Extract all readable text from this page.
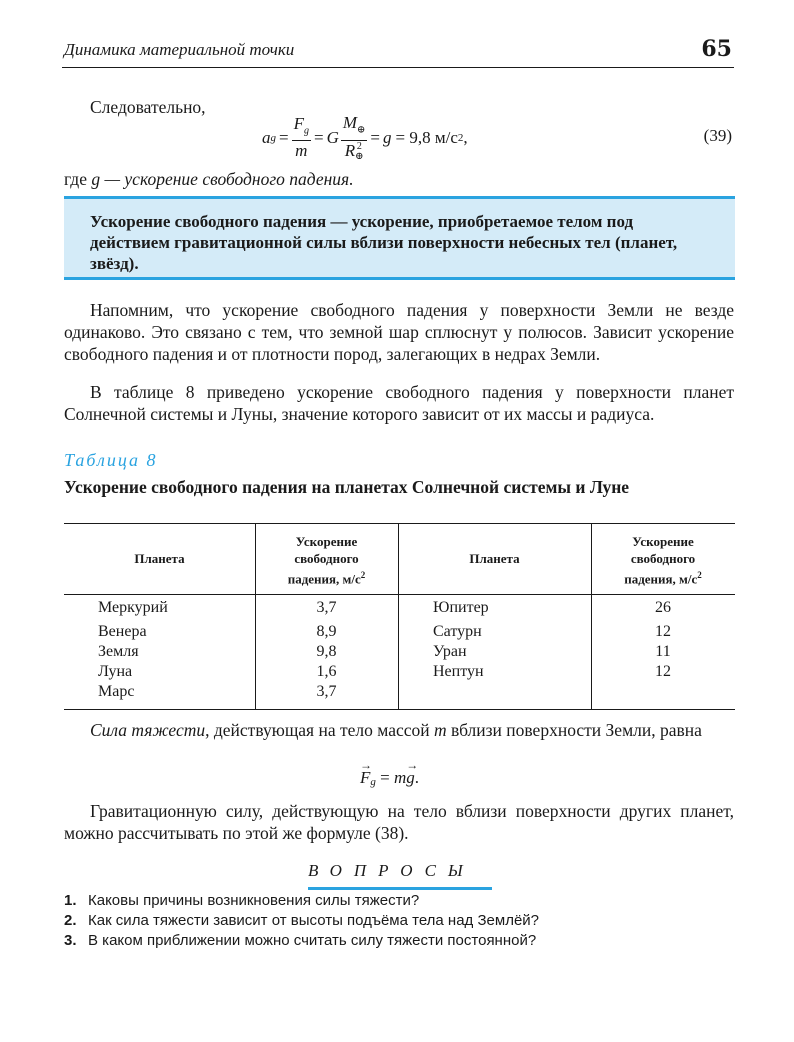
Динамика материальной точки	65
Следовательно,
a $g = \frac{F_g}{m} = G$ $M_\oplus$
R 2
⊕ = g = 9,8 м/с 2 ,	(39)
где g — ускорение свободного падения.
Ускорение свободного падения — ускорение, приобретаемое телом под действием гравитационной силы вблизи поверхности небесных тел (планет, звёзд).
Напомним, что ускорение свободного падения у поверхности Земли не везде одинаково. Это связано с тем, что земной шар сплюснут у полюсов. Зависит ускорение свободного падения и от плотности пород, залегающих в недрах Земли.
В таблице 8 приведено ускорение свободного падения у поверхности планет Солнечной системы и Луны, значение которого зависит от их массы и радиуса.
Таблица 8
Ускорение свободного падения на планетах Солнечной системы и Луне
Планета
Ускорение
свободного
падения, $м/с^2$
Планета
Ускорение
свободного
падения, $м/с^2$
Меркурий
Венера
Земля
Луна
Марс
3,7
8,9
9,8
1,6
3,7
Юпитер
Сатурн
Уран
Нептун
26
12
11
12
Сила тяжести, действующая на тело массой m вблизи поверхности Земли, равна
→
$F_g = m$
→
g .
Гравитационную силу, действующую на тело вблизи поверхности других планет, можно рассчитывать по этой же формуле (38).
ВОПРОСЫ
1. Каковы причины возникновения силы тяжести?
2. Как сила тяжести зависит от высоты подъёма тела над Землёй?
3. В каком приближении можно считать силу тяжести постоянной?
